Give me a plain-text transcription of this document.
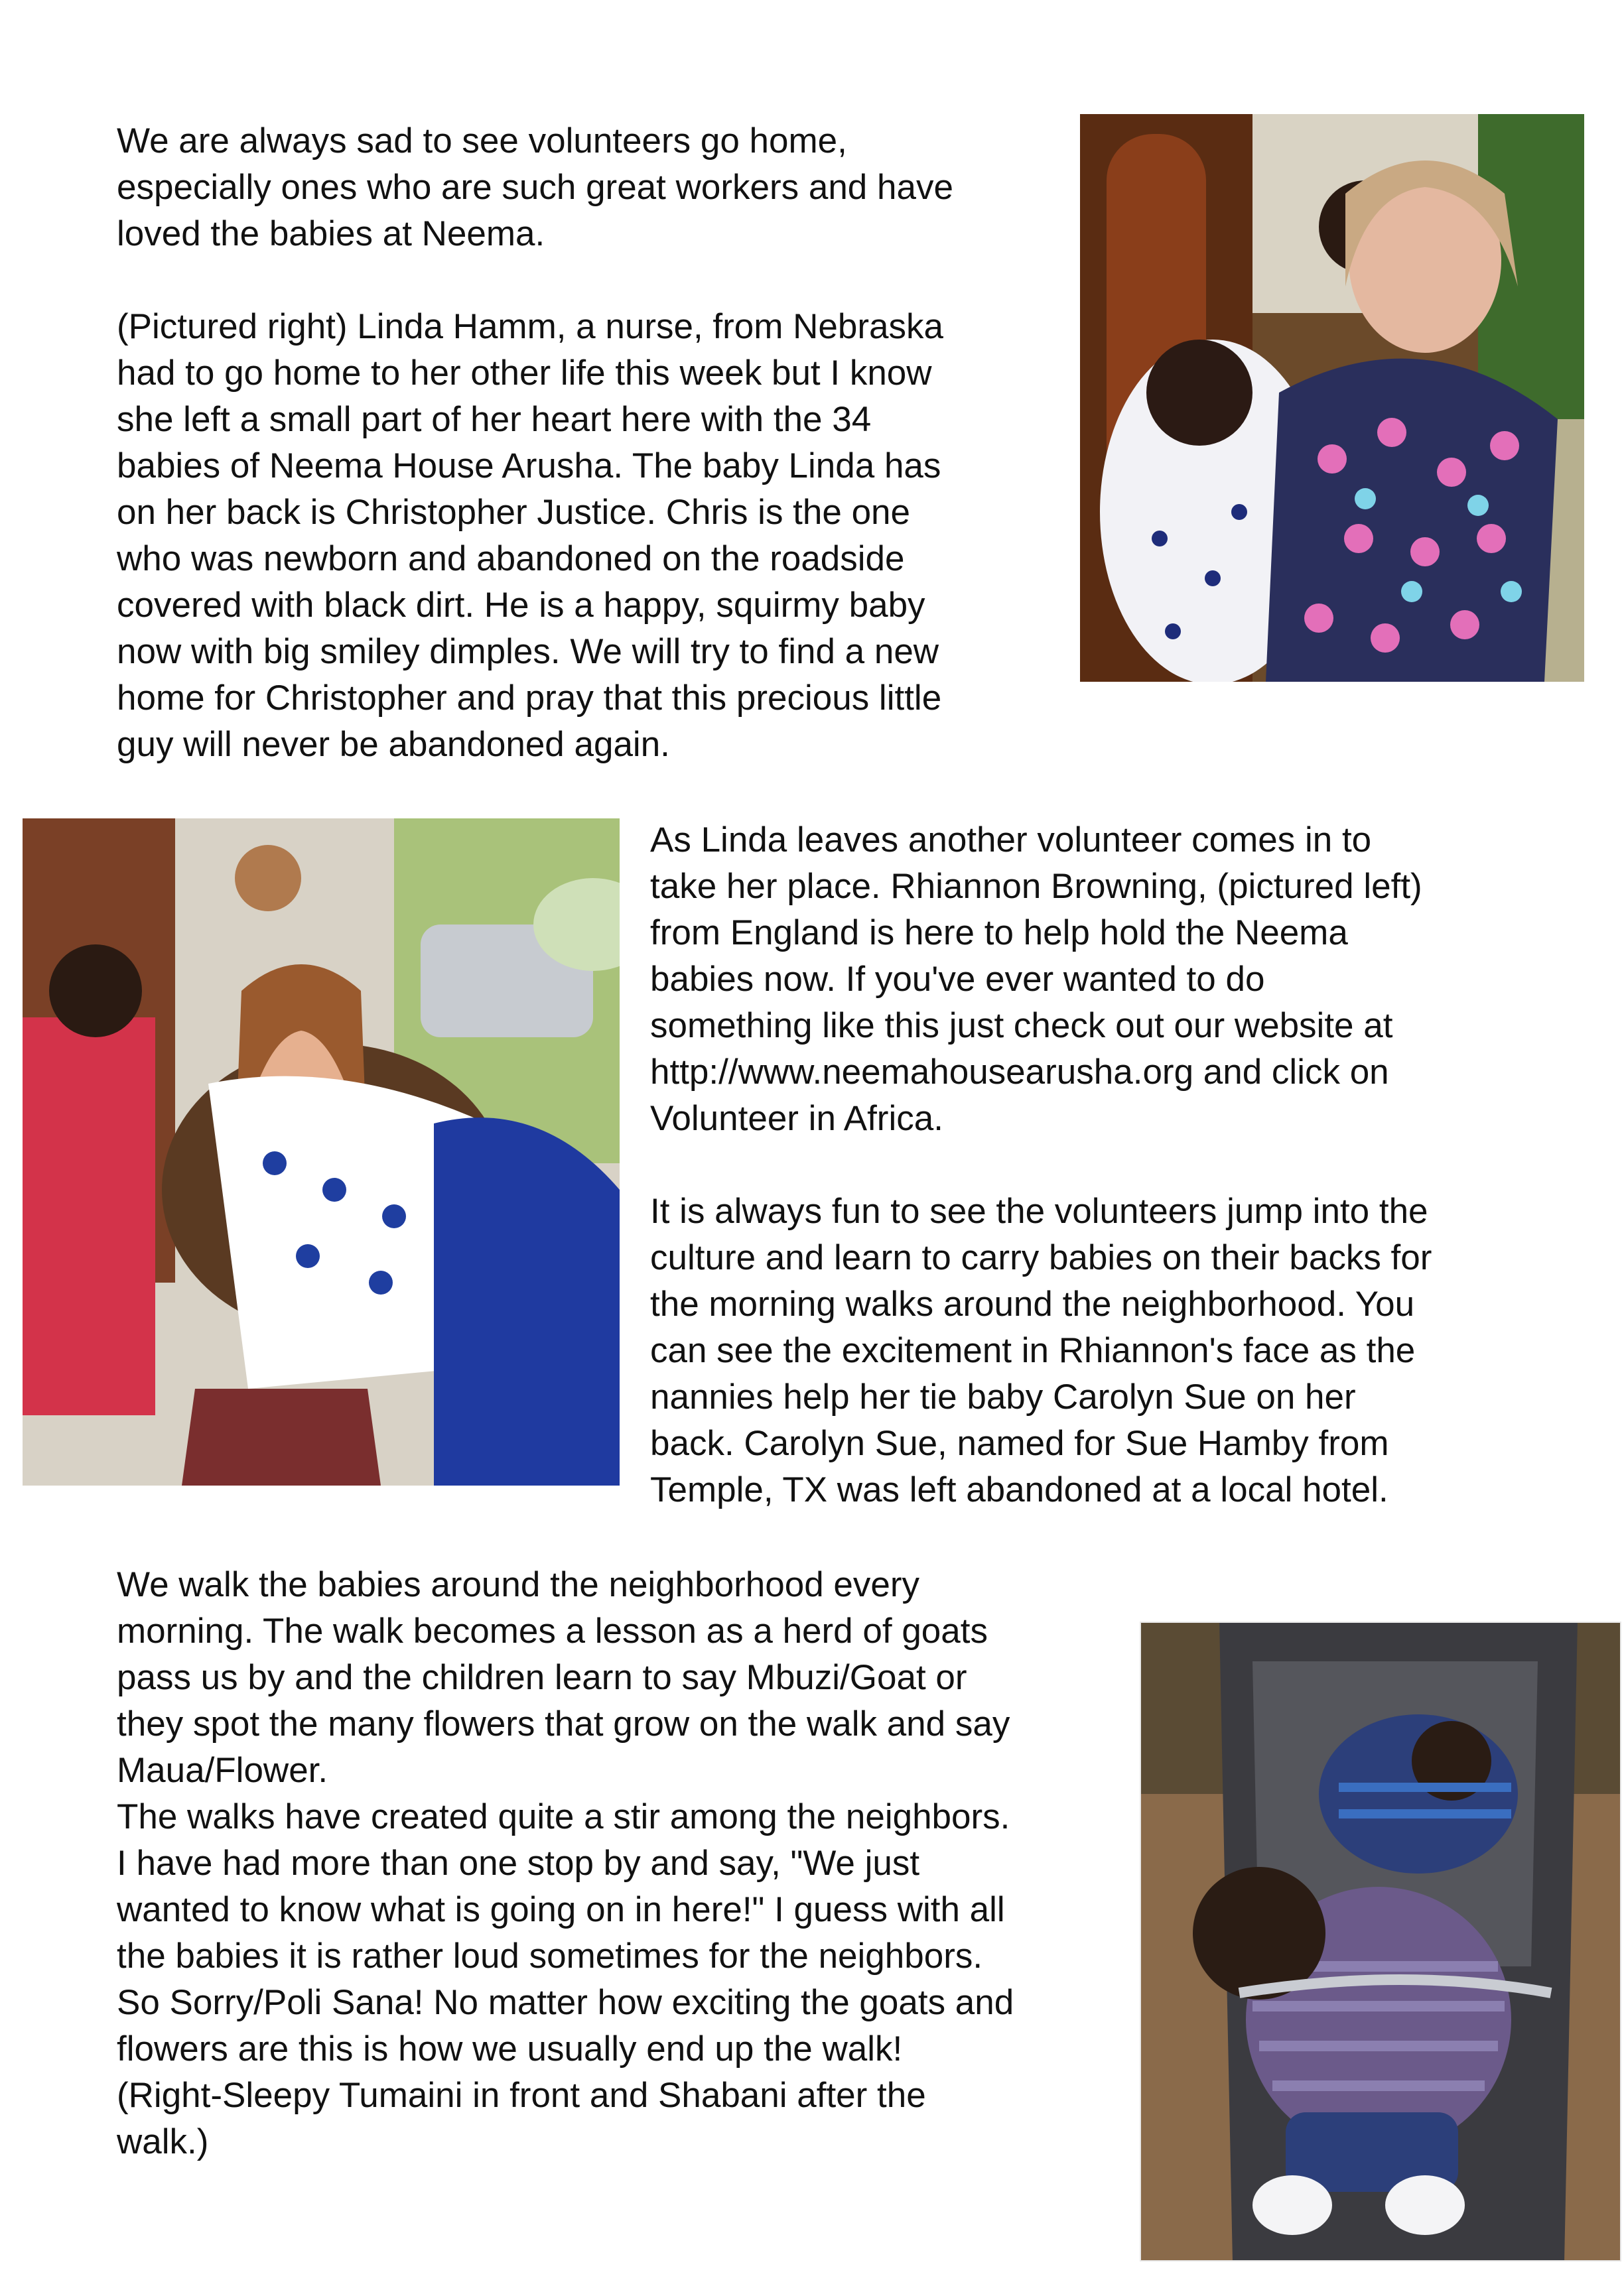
We are always sad to see volunteers go home,
especially ones who are such great workers and have
loved the babies at Neema.

(Pictured right) Linda Hamm, a nurse, from Nebraska
had to go home to her other life this week but I know
she left a small part of her heart here with the 34
babies of Neema House Arusha. The baby Linda has
on her back is Christopher Justice. Chris is the one
who was newborn and abandoned on the roadside
covered with black dirt. He is a happy, squirmy baby
now with big smiley dimples. We will try to find a new
home for Christopher and pray that this precious little
guy will never be abandoned again.

As Linda leaves another volunteer comes in to
take her place. Rhiannon Browning, (pictured left)
from England is here to help hold the Neema
babies now. If you've ever wanted to do
something like this just check out our website at
http://www.neemahousearusha.org and click on
Volunteer in Africa.

It is always fun to see the volunteers jump into the
culture and learn to carry babies on their backs for
the morning walks around the neighborhood. You
can see the excitement in Rhiannon's face as the
nannies help her tie baby Carolyn Sue on her
back. Carolyn Sue, named for Sue Hamby from
Temple, TX was left abandoned at a local hotel.

We walk the babies around the neighborhood every
morning. The walk becomes a lesson as a herd of goats
pass us by and the children learn to say Mbuzi/Goat or
they spot the many flowers that grow on the walk and say
Maua/Flower.
The walks have created quite a stir among the neighbors.
I have had more than one stop by and say, "We just
wanted to know what is going on in here!" I guess with all
the babies it is rather loud sometimes for the neighbors.
So Sorry/Poli Sana! No matter how exciting the goats and
flowers are this is how we usually end up the walk!
(Right-Sleepy Tumaini in front and Shabani after the
walk.)
